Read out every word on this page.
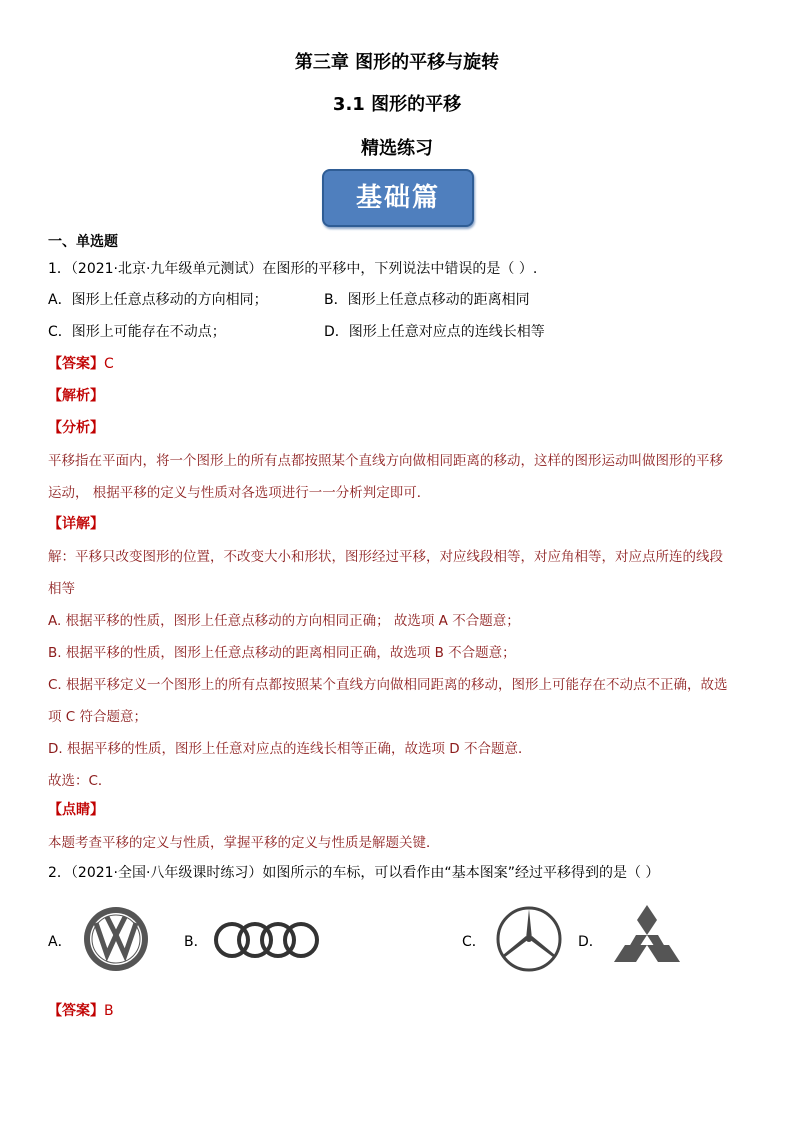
第三章 图形的平移与旋转
3.1 图形的平移
精选练习
基础篇
一、单选题
1．（2021·北京·九年级单元测试）在图形的平移中，下列说法中错误的是（ ）.
A．图形上任意点移动的方向相同；	B．图形上任意点移动的距离相同
C．图形上可能存在不动点；	D．图形上任意对应点的连线长相等
【答案】C
【解析】
【分析】
平移指在平面内，将一个图形上的所有点都按照某个直线方向做相同距离的移动，这样的图形运动叫做图形的平移
运动， 根据平移的定义与性质对各选项进行一一分析判定即可．
【详解】
解：平移只改变图形的位置，不改变大小和形状，图形经过平移，对应线段相等，对应角相等，对应点所连的线段
相等
A. 根据平移的性质，图形上任意点移动的方向相同正确； 故选项 A 不合题意；
B. 根据平移的性质，图形上任意点移动的距离相同正确，故选项 B 不合题意；
C. 根据平移定义一个图形上的所有点都按照某个直线方向做相同距离的移动，图形上可能存在不动点不正确，故选
项 C 符合题意；
D. 根据平移的性质，图形上任意对应点的连线长相等正确，故选项 D 不合题意．
故选：C．
【点睛】
本题考查平移的定义与性质，掌握平移的定义与性质是解题关键．
2．（2021·全国·八年级课时练习）如图所示的车标，可以看作由“基本图案”经过平移得到的是（ ）
A．	B．	C．	D．
【答案】B
